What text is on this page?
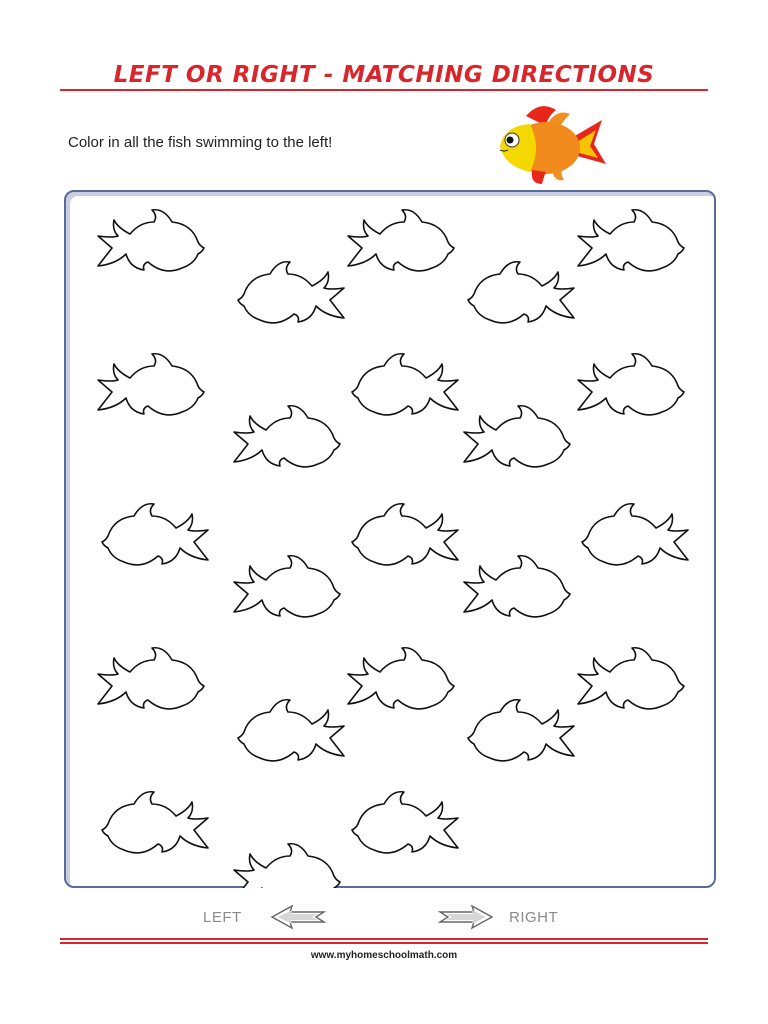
LEFT OR RIGHT - MATCHING DIRECTIONS
Color in all the fish swimming to the left!
LEFT	RIGHT
www.myhomeschoolmath.com
